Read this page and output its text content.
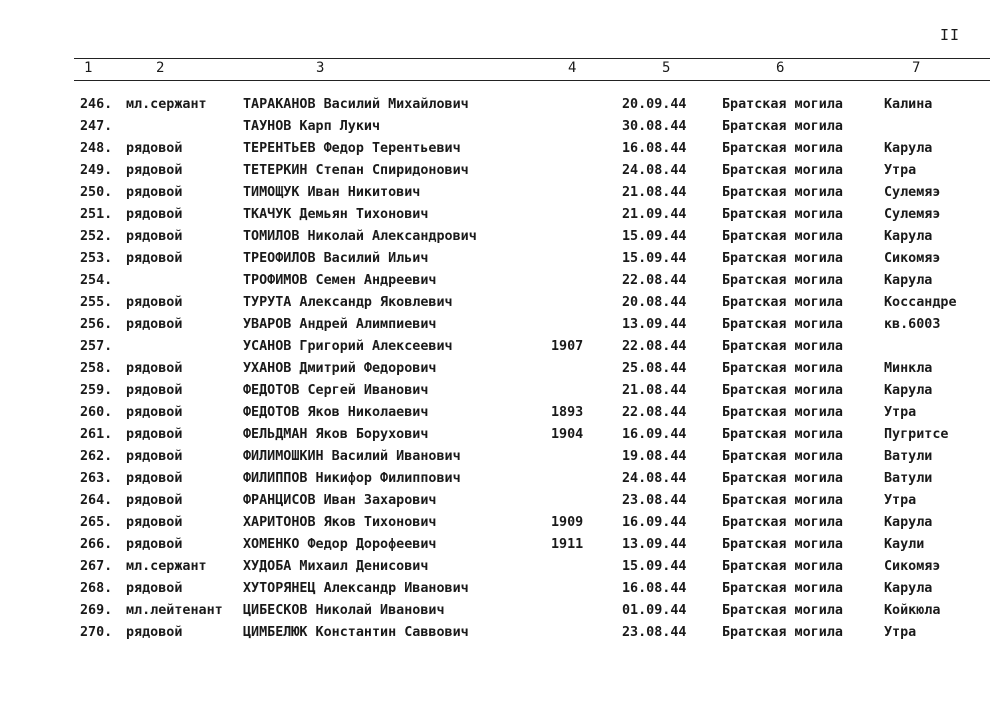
II
1	2	3	4	5	6	7
246. мл.сержант	ТАРАКАНОВ Василий Михайлович	20.09.44	Братская могила	Калина
247.	ТАУНОВ Карп Лукич	30.08.44	Братская могила
248. рядовой	ТЕРЕНТЬЕВ Федор Терентьевич	16.08.44	Братская могила	Карула
249. рядовой	ТЕТЕРКИН Степан Спиридонович	24.08.44	Братская могила	Утра
250. рядовой	ТИМОЩУК Иван Никитович	21.08.44	Братская могила	Сулемяэ
251. рядовой	ТКАЧУК Демьян Тихонович	21.09.44	Братская могила	Сулемяэ
252. рядовой	ТОМИЛОВ Николай Александрович	15.09.44	Братская могила	Карула
253. рядовой	ТРЕОФИЛОВ Василий Ильич	15.09.44	Братская могила	Сикомяэ
254.	ТРОФИМОВ Семен Андреевич	22.08.44	Братская могила	Карула
255. рядовой	ТУРУТА Александр Яковлевич	20.08.44	Братская могила	Коссандре
256. рядовой	УВАРОВ Андрей Алимпиевич	13.09.44	Братская могила	кв.6003
257.	УСАНОВ Григорий Алексеевич	1907	22.08.44	Братская могила
258. рядовой	УХАНОВ Дмитрий Федорович	25.08.44	Братская могила	Минкла
259. рядовой	ФЕДОТОВ Сергей Иванович	21.08.44	Братская могила	Карула
260. рядовой	ФЕДОТОВ Яков Николаевич	1893	22.08.44	Братская могила	Утра
261. рядовой	ФЕЛЬДМАН Яков Борухович	1904	16.09.44	Братская могила	Пугритсе
262. рядовой	ФИЛИМОШКИН Василий Иванович	19.08.44	Братская могила	Ватули
263. рядовой	ФИЛИППОВ Никифор Филиппович	24.08.44	Братская могила	Ватули
264. рядовой	ФРАНЦИСОВ Иван Захарович	23.08.44	Братская могила	Утра
265. рядовой	ХАРИТОНОВ Яков Тихонович	1909	16.09.44	Братская могила	Карула
266. рядовой	ХОМЕНКО Федор Дорофеевич	1911	13.09.44	Братская могила	Каули
267. мл.сержант	ХУДОБА Михаил Денисович	15.09.44	Братская могила	Сикомяэ
268. рядовой	ХУТОРЯНЕЦ Александр Иванович	16.08.44	Братская могила	Карула
269. мл.лейтенант ЦИБЕСКОВ Николай Иванович	01.09.44	Братская могила	Койкюла
270. рядовой	ЦИМБЕЛЮК Константин Саввович	23.08.44	Братская могила	Утра
